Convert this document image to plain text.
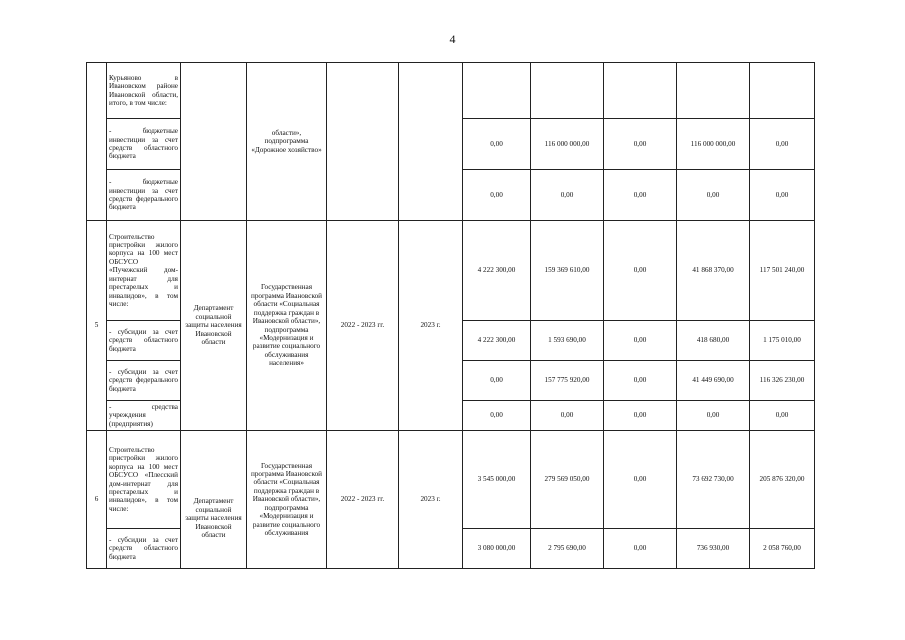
4
	Курьяново в Ивановском районе Ивановской области, итого, в том числе:		области», подпрограмма «Дорожное хозяйство»							
	- бюджетные инвестиции за счет средств областного бюджета					0,00	116 000 000,00	0,00	116 000 000,00	0,00
	- бюджетные инвестиции за счет средств федерального бюджета					0,00	0,00	0,00	0,00	0,00
5	Строительство пристройки жилого корпуса на 100 мест ОБСУСО «Пучежский дом-интернат для престарелых и инвалидов», в том числе:	Департамент социальной защиты населения Ивановской области	Государственная программа Ивановской области «Социальная поддержка граждан в Ивановской области», подпрограмма «Модернизация и развитие социального обслуживания населения»	2022 - 2023 гг.	2023 г.	4 222 300,00	159 369 610,00	0,00	41 868 370,00	117 501 240,00
	- субсидии за счет средств областного бюджета					4 222 300,00	1 593 690,00	0,00	418 680,00	1 175 010,00
	- субсидии за счет средств федерального бюджета					0,00	157 775 920,00	0,00	41 449 690,00	116 326 230,00
	- средства учреждения (предприятия)					0,00	0,00	0,00	0,00	0,00
6	Строительство пристройки жилого корпуса на 100 мест ОБСУСО «Плесский дом-интернат для престарелых и инвалидов», в том числе:	Департамент социальной защиты населения Ивановской области	Государственная программа Ивановской области «Социальная поддержка граждан в Ивановской области», подпрограмма «Модернизация и развитие социального обслуживания	2022 - 2023 гг.	2023 г.	3 545 000,00	279 569 050,00	0,00	73 692 730,00	205 876 320,00
	- субсидии за счет средств областного бюджета					3 080 000,00	2 795 690,00	0,00	736 930,00	2 058 760,00
